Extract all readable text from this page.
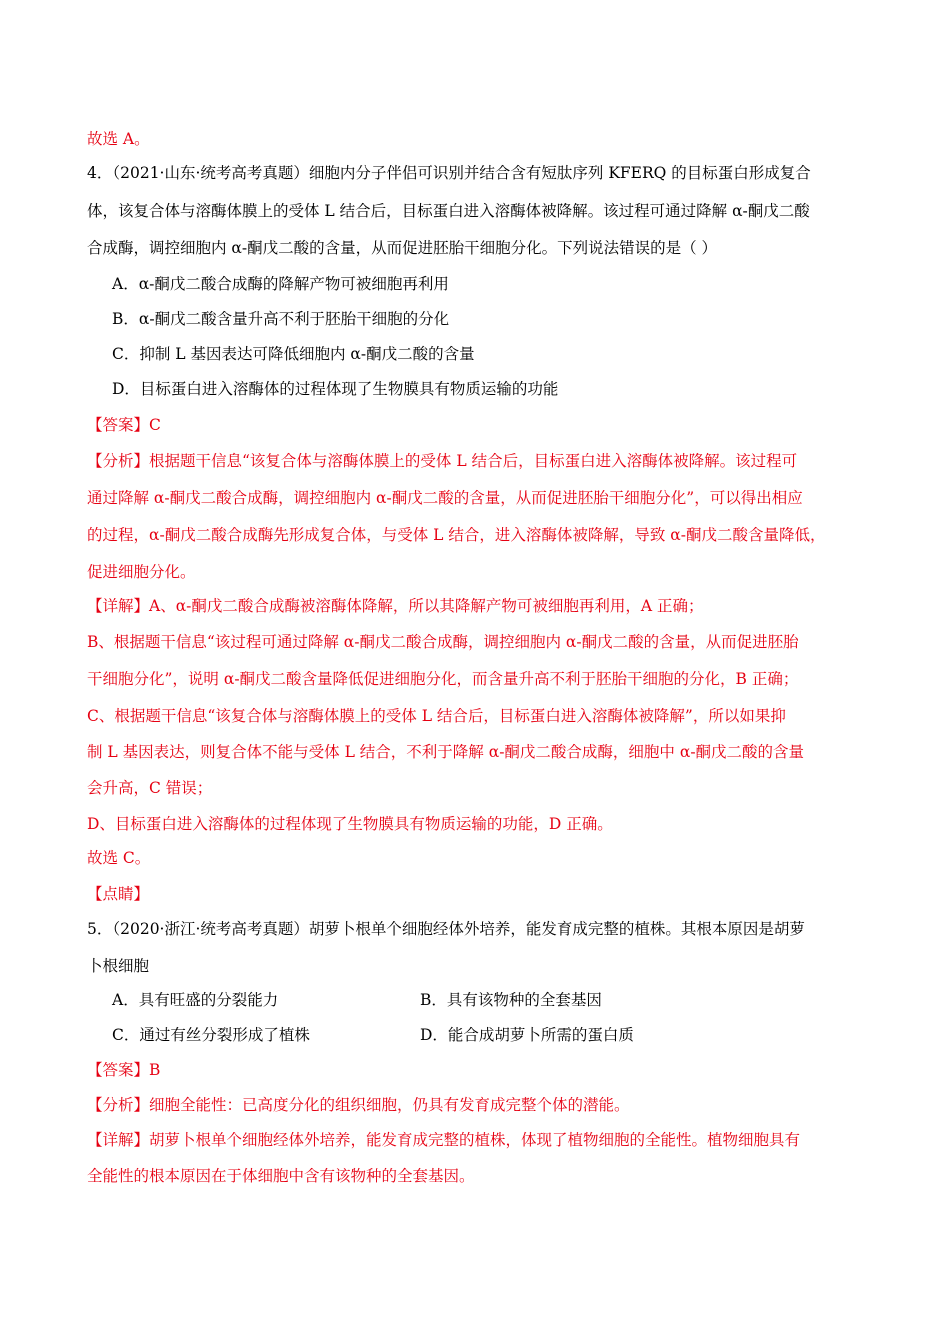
故选 A。
4．（2021·山东·统考高考真题）细胞内分子伴侣可识别并结合含有短肽序列 KFERQ 的目标蛋白形成复合
体，该复合体与溶酶体膜上的受体 L 结合后，目标蛋白进入溶酶体被降解。该过程可通过降解 α-酮戊二酸
合成酶，调控细胞内 α-酮戊二酸的含量，从而促进胚胎干细胞分化。下列说法错误的是（ ）
A．α-酮戊二酸合成酶的降解产物可被细胞再利用
B．α-酮戊二酸含量升高不利于胚胎干细胞的分化
C．抑制 L 基因表达可降低细胞内 α-酮戊二酸的含量
D．目标蛋白进入溶酶体的过程体现了生物膜具有物质运输的功能
【答案】C
【分析】根据题干信息“该复合体与溶酶体膜上的受体 L 结合后，目标蛋白进入溶酶体被降解。该过程可
通过降解 α-酮戊二酸合成酶，调控细胞内 α-酮戊二酸的含量，从而促进胚胎干细胞分化”，可以得出相应
的过程，α-酮戊二酸合成酶先形成复合体，与受体 L 结合，进入溶酶体被降解，导致 α-酮戊二酸含量降低，
促进细胞分化。
【详解】A、α-酮戊二酸合成酶被溶酶体降解，所以其降解产物可被细胞再利用，A 正确；
B、根据题干信息“该过程可通过降解 α-酮戊二酸合成酶，调控细胞内 α-酮戊二酸的含量，从而促进胚胎
干细胞分化”，说明 α-酮戊二酸含量降低促进细胞分化，而含量升高不利于胚胎干细胞的分化，B 正确；
C、根据题干信息“该复合体与溶酶体膜上的受体 L 结合后，目标蛋白进入溶酶体被降解”，所以如果抑
制 L 基因表达，则复合体不能与受体 L 结合，不利于降解 α-酮戊二酸合成酶，细胞中 α-酮戊二酸的含量
会升高，C 错误；
D、目标蛋白进入溶酶体的过程体现了生物膜具有物质运输的功能，D 正确。
故选 C。
【点睛】
5．（2020·浙江·统考高考真题）胡萝卜根单个细胞经体外培养，能发育成完整的植株。其根本原因是胡萝
卜根细胞
A．具有旺盛的分裂能力	B．具有该物种的全套基因
C．通过有丝分裂形成了植株	D．能合成胡萝卜所需的蛋白质
【答案】B
【分析】细胞全能性：已高度分化的组织细胞，仍具有发育成完整个体的潜能。
【详解】胡萝卜根单个细胞经体外培养，能发育成完整的植株，体现了植物细胞的全能性。植物细胞具有
全能性的根本原因在于体细胞中含有该物种的全套基因。
